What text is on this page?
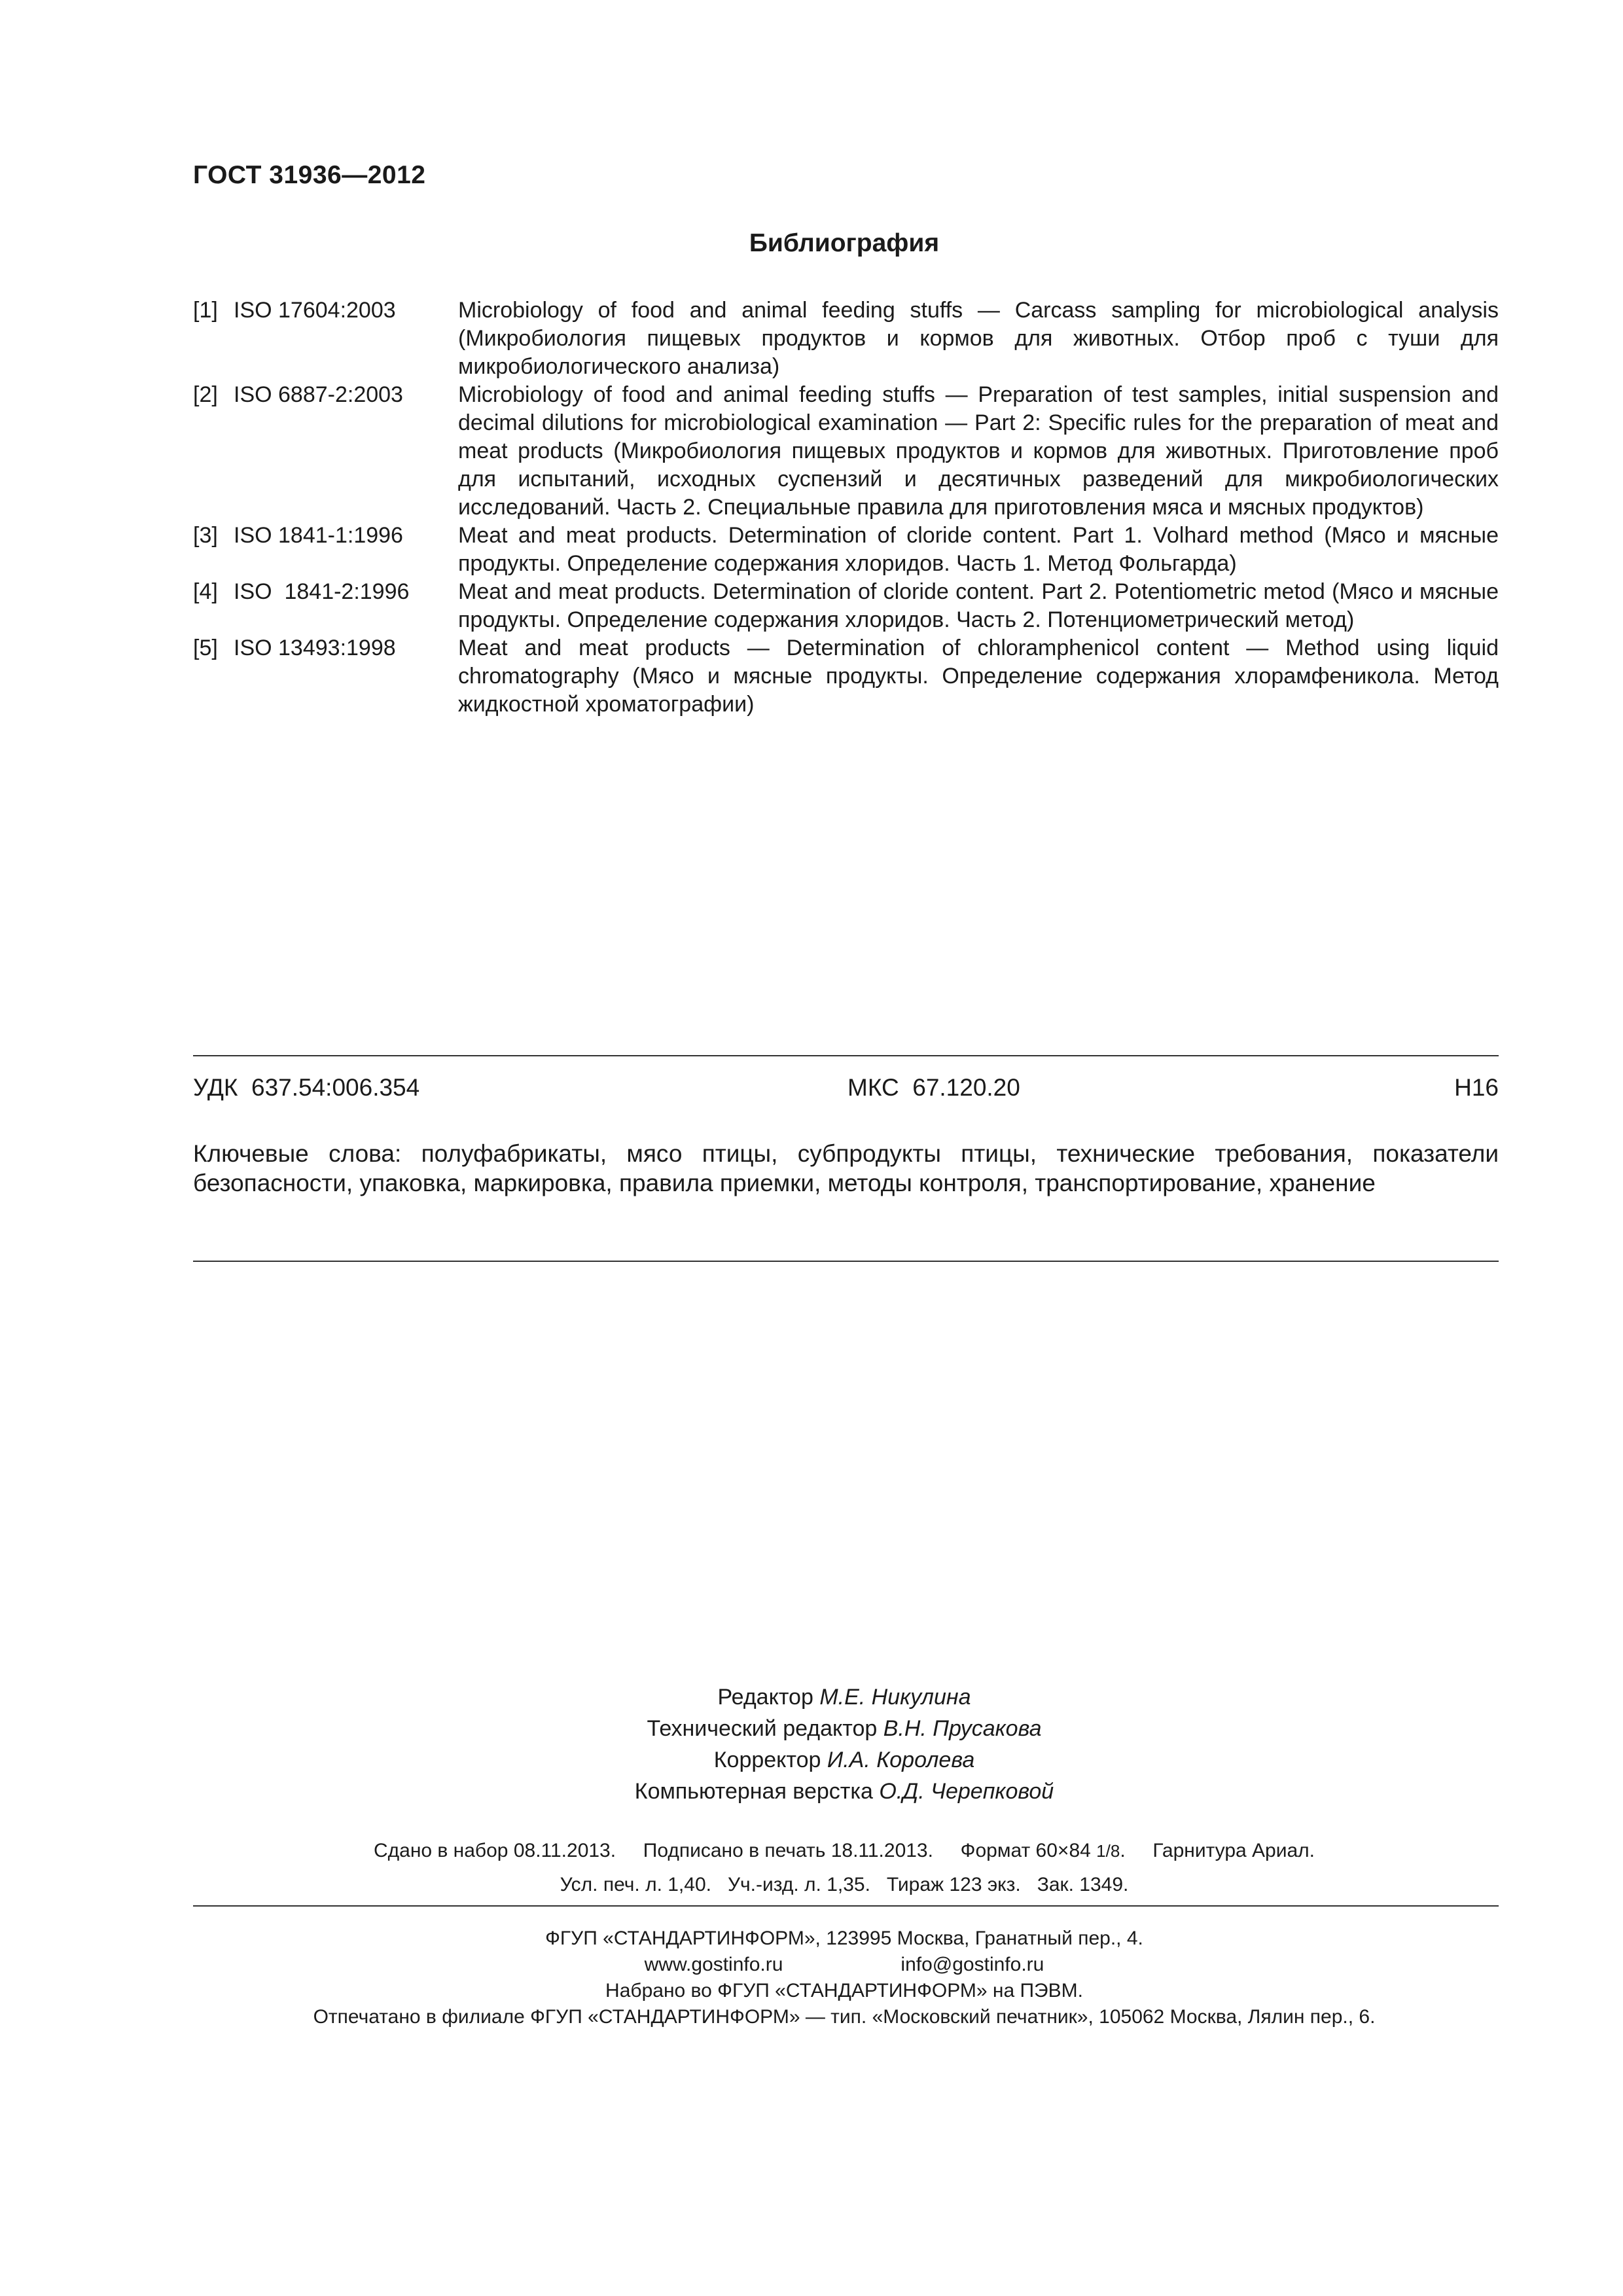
ГОСТ 31936—2012
Библиография
[1] ISO 17604:2003	Microbiology of food and animal feeding stuffs — Carcass sampling for microbiological analysis (Микробиология пищевых продуктов и кормов для животных. Отбор проб с туши для микробиологического анализа)
[2] ISO 6887-2:2003	Microbiology of food and animal feeding stuffs — Preparation of test samples, initial suspension and decimal dilutions for microbiological examination — Part 2: Specific rules for the preparation of meat and meat products (Микробиология пищевых продуктов и кормов для животных. Приготовление проб для испытаний, исходных суспензий и десятичных разведений для микробиологических исследований. Часть 2. Специальные правила для приготовления мяса и мясных продуктов)
[3] ISO 1841-1:1996	Meat and meat products. Determination of cloride content. Part 1. Volhard method (Мясо и мясные продукты. Определение содержания хлоридов. Часть 1. Метод Фольгарда)
[4] ISO  1841-2:1996	Meat and meat products. Determination of cloride content. Part 2. Potentiometric metod (Мясо и мясные продукты. Определение содержания хлоридов. Часть 2. Потенциометрический метод)
[5] ISO 13493:1998	Meat and meat products — Determination of chloramphenicol content — Method using liquid chromatography (Мясо и мясные продукты. Определение содержания хлорамфеникола. Метод жидкостной хроматографии)
УДК  637.54:006.354	МКС  67.120.20	Н16
Ключевые слова: полуфабрикаты, мясо птицы, субпродукты птицы, технические требования, показатели безопасности, упаковка, маркировка, правила приемки, методы контроля, транспортирование, хранение
Редактор М.Е. Никулина
Технический редактор В.Н. Прусакова
Корректор И.А. Королева
Компьютерная верстка О.Д. Черепковой
Сдано в набор 08.11.2013. Подписано в печать 18.11.2013. Формат 60×84 1/8.     Гарнитура Ариал.
Усл. печ. л. 1,40.   Уч.-изд. л. 1,35.   Тираж 123 экз.   Зак. 1349.
ФГУП «СТАНДАРТИНФОРМ», 123995 Москва, Гранатный пер., 4.
www.gostinfo.ru	info@gostinfo.ru
Набрано во ФГУП «СТАНДАРТИНФОРМ» на ПЭВМ.
Отпечатано в филиале ФГУП «СТАНДАРТИНФОРМ» — тип. «Московский печатник», 105062 Москва, Лялин пер., 6.
